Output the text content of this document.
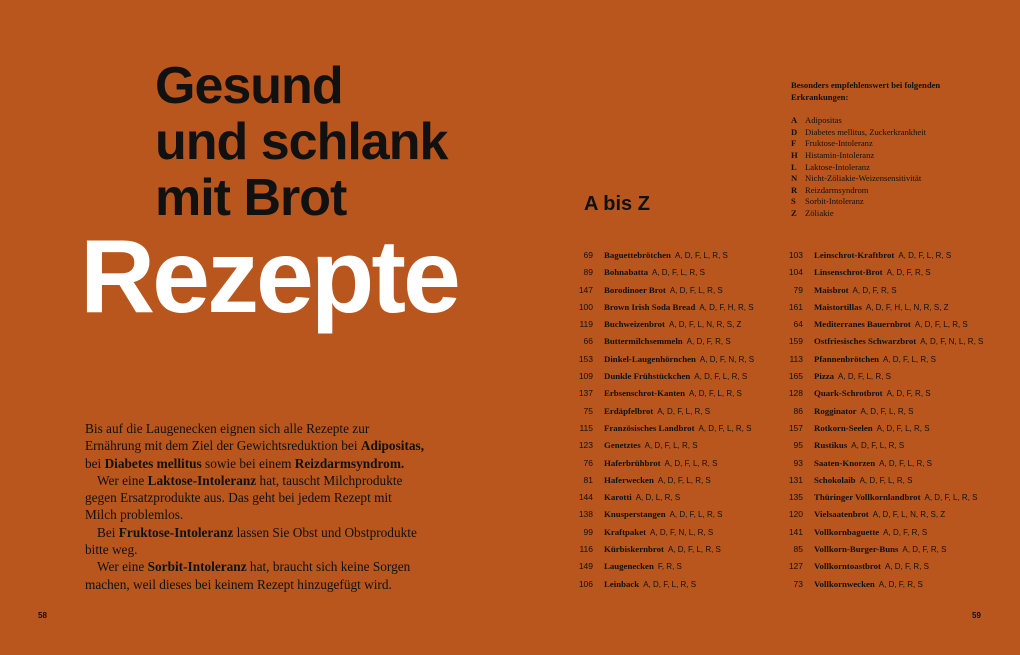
Gesund
und schlank
mit Brot
Rezepte

Bis auf die Laugenecken eignen sich alle Rezepte zur Ernährung mit dem Ziel der Gewichtsreduktion bei Adipositas, bei Diabetes mellitus sowie bei einem Reizdarmsyndrom.

Wer eine Laktose-Intoleranz hat, tauscht Milchprodukte gegen Ersatzprodukte aus. Das geht bei jedem Rezept mit Milch problemlos.

Bei Fruktose-Intoleranz lassen Sie Obst und Obstprodukte bitte weg.

Wer eine Sorbit-Intoleranz hat, braucht sich keine Sorgen machen, weil dieses bei keinem Rezept hinzugefügt wird.

58	59
Besonders empfehlenswert bei folgenden Erkrankungen:
A Adipositas
D Diabetes mellitus, Zuckerkrankheit
F	Fruktose-Intoleranz
H Histamin-Intoleranz
L Laktose-Intoleranz
N Nicht-Zöliakie-Weizensensitivität
R Reizdarmsyndrom
S	Sorbit-Intoleranz
Z Zöliakie
A bis Z
69 Baguettebrötchen A, D, F, L, R, S
89 Bohnabatta A, D, F, L, R, S
147 Borodinoer Brot A, D, F, L, R, S
100 Brown Irish Soda Bread A, D, F, H, R, S
119 Buchweizenbrot A, D, F, L, N, R, S, Z
66 Buttermilchsemmeln A, D, F, R, S
153 Dinkel-Laugenhörnchen A, D, F, N, R, S
109 Dunkle Frühstückchen A, D, F, L, R, S
137 Erbsenschrot-Kanten A, D, F, L, R, S
75 Erdäpfelbrot A, D, F, L, R, S
115 Französisches Landbrot A, D, F, L, R, S
123 Genetztes A, D, F, L, R, S
76 Haferbrühbrot A, D, F, L, R, S
81 Haferwecken A, D, F, L, R, S
144 Karotti A, D, L, R, S
138 Knusperstangen A, D, F, L, R, S
99 Kraftpaket A, D, F, N, L, R, S
116 Kürbiskernbrot A, D, F, L, R, S
149 Laugenecken F, R, S
106 Leinback A, D, F, L, R, S
103 Leinschrot-Kraftbrot A, D, F, L, R, S
104 Linsenschrot-Brot A, D, F, R, S
79 Maisbrot A, D, F, R, S
161 Maistortillas A, D, F, H, L, N, R, S, Z
64 Mediterranes Bauernbrot A, D, F, L, R, S
159 Ostfriesisches Schwarzbrot A, D, F, N, L, R, S
113 Pfannenbrötchen A, D, F, L, R, S
165 Pizza A, D, F, L, R, S
128 Quark-Schrotbrot A, D, F, R, S
86 Rogginator A, D, F, L, R, S
157 Rotkorn-Seelen A, D, F, L, R, S
95 Rustikus A, D, F, L, R, S
93 Saaten-Knorzen A, D, F, L, R, S
131 Schokolaib A, D, F, L, R, S
135 Thüringer Vollkornlandbrot A, D, F, L, R, S
120 Vielsaatenbrot A, D, F, L, N, R, S, Z
141 Vollkornbaguette A, D, F, R, S
85 Vollkorn-Burger-Buns A, D, F, R, S
127 Vollkorntoastbrot A, D, F, R, S
73 Vollkornwecken A, D, F, R, S
